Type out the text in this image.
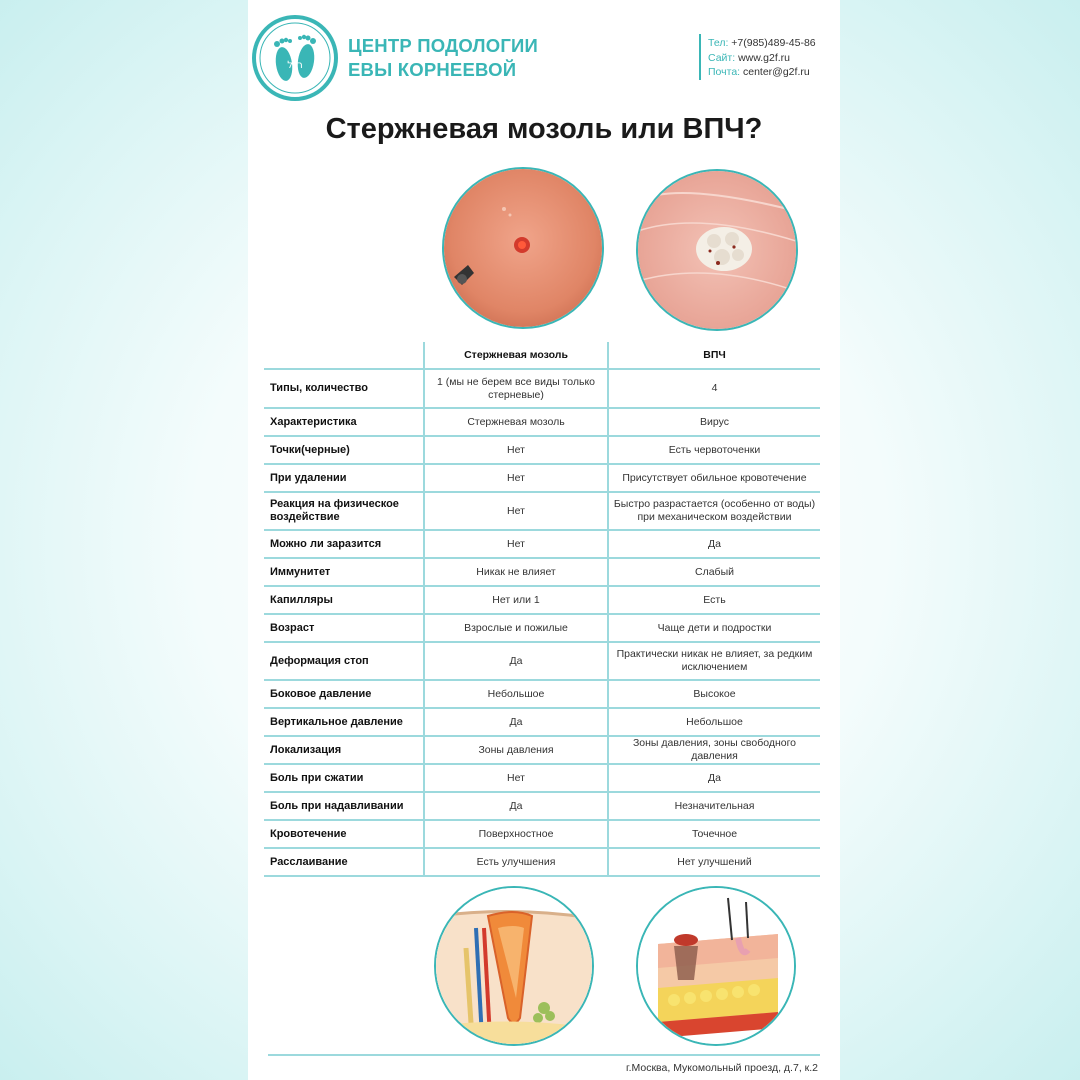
רגל
ЦЕНТР ПОДОЛОГИИ
ЕВЫ КОРНЕЕВОЙ
Тел: +7(985)489-45-86
Сайт: www.g2f.ru
Почта: center@g2f.ru
Стержневая мозоль или ВПЧ?
	Стержневая мозоль	ВПЧ
Типы, количество	1 (мы не берем все виды только стерневые)	4
Характеристика	Стержневая мозоль	Вирус
Точки(черные)	Нет	Есть червоточенки
При удалении	Нет	Присутствует обильное кровотечение
Реакция на физическое воздействие	Нет	Быстро разрастается (особенно от воды) при механическом воздействии
Можно ли заразится	Нет	Да
Иммунитет	Никак не влияет	Слабый
Капилляры	Нет или 1	Есть
Возраст	Взрослые и пожилые	Чаще дети и подростки
Деформация стоп	Да	Практически никак не влияет, за редким исключением
Боковое давление	Небольшое	Высокое
Вертикальное давление	Да	Небольшое
Локализация	Зоны давления	Зоны давления, зоны свободного давления
Боль при сжатии	Нет	Да
Боль при надавливании	Да	Незначительная
Кровотечение	Поверхностное	Точечное
Расслаивание	Есть улучшения	Нет улучшений
г.Москва, Мукомольный проезд, д.7, к.2
